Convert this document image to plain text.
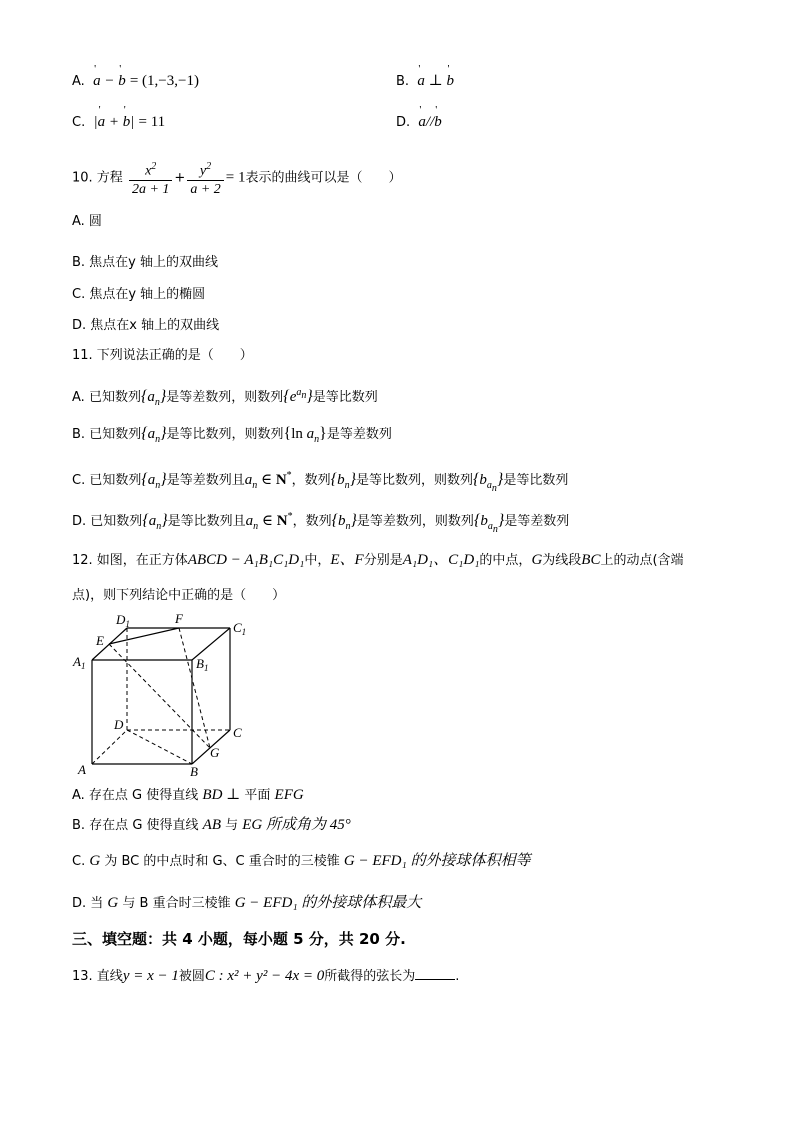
A. ' a − ' b = (1,−3,−1)	B. ' a ⊥ ' b
C. |' a + ' b| = 11	D. ' a//' b
10. 方程 $\frac{x^2}{2a + 1} + \frac{y^2}{a + 2} = 1$表示的曲线可以是（　　）
A. 圆
B. 焦点在y 轴上的双曲线
C. 焦点在y 轴上的椭圆
D. 焦点在x 轴上的双曲线
11. 下列说法正确的是（　　）
A. 已知数列$\{a_n\}$是等差数列，则数列$\{e^{a_n}\}$是等比数列
B. 已知数列$\{a_n\}$是等比数列，则数列{ln $a_n$}是等差数列
C. 已知数列$\{a_n\}$是等差数列且$a_n$ ∈ N*，数列$\{b_n\}$是等比数列，则数列$\{b_{a_n}\}$是等比数列
D. 已知数列$\{a_n\}$是等比数列且$a_n$ ∈ N*，数列$\{b_n\}$是等差数列，则数列$\{b_{a_n}\}$是等差数列
12. 如图，在正方体ABCD − A₁B₁C₁D₁中，E、F分别是A₁D₁、C₁D₁的中点，G为线段BC上的动点(含端
点)，则下列结论中正确的是（　　）
$D_1$	F
$C_1$
E
$A_1$	$B_1$
D
C
G
A	B
A. 存在点 G 使得直线 BD ⊥ 平面 EFG
B. 存在点 G 使得直线 AB 与 EG 所成角为 45°
C. G 为 BC 的中点时和 G、C 重合时的三棱锥 G − EFD₁ 的外接球体积相等
D. 当 G 与 B 重合时三棱锥 G − EFD₁ 的外接球体积最大
三、填空题：共 4 小题，每小题 5 分，共 20 分.
13. 直线y = x − 1被圆C : x² + y² − 4x = 0所截得的弦长为	.
